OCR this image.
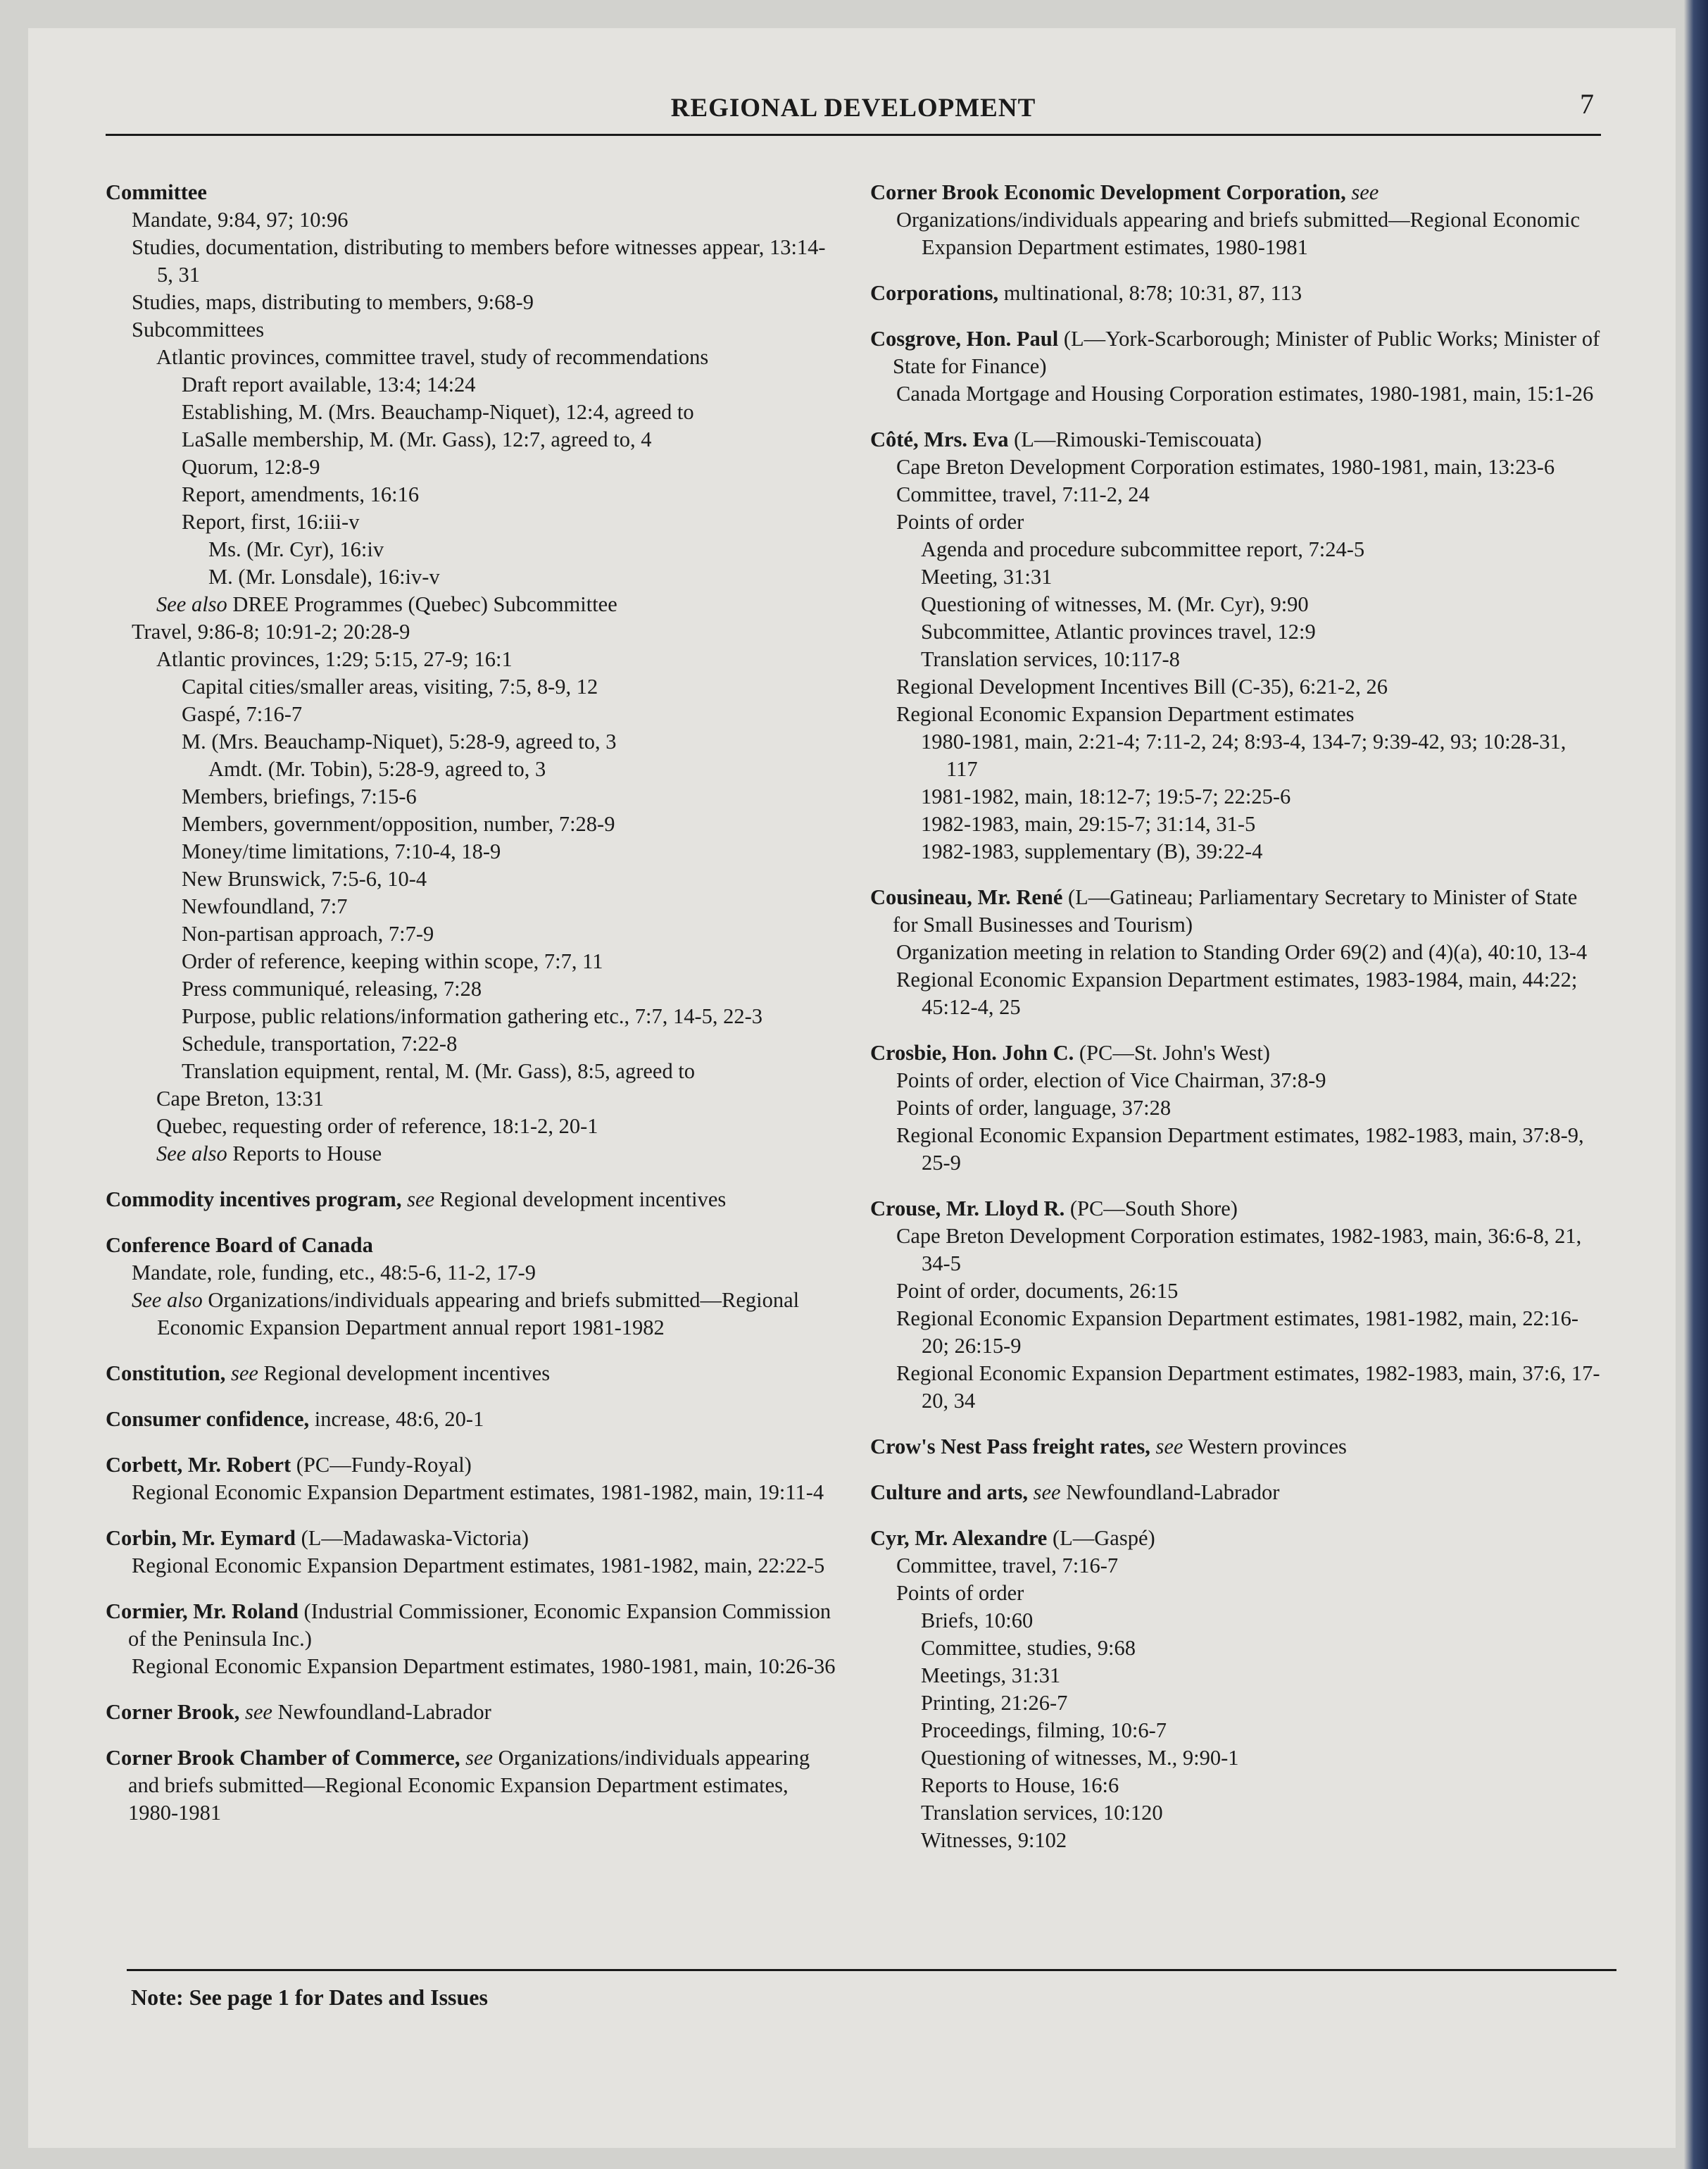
REGIONAL DEVELOPMENT	7
Committee
Mandate, 9:84, 97; 10:96
Studies, documentation, distributing to members before witnesses appear, 13:14-5, 31
Studies, maps, distributing to members, 9:68-9
Subcommittees
Atlantic provinces, committee travel, study of recommendations
Draft report available, 13:4; 14:24
Establishing, M. (Mrs. Beauchamp-Niquet), 12:4, agreed to
LaSalle membership, M. (Mr. Gass), 12:7, agreed to, 4
Quorum, 12:8-9
Report, amendments, 16:16
Report, first, 16:iii-v
Ms. (Mr. Cyr), 16:iv
M. (Mr. Lonsdale), 16:iv-v
See also DREE Programmes (Quebec) Subcommittee
Travel, 9:86-8; 10:91-2; 20:28-9
Atlantic provinces, 1:29; 5:15, 27-9; 16:1
Capital cities/smaller areas, visiting, 7:5, 8-9, 12
Gaspé, 7:16-7
M. (Mrs. Beauchamp-Niquet), 5:28-9, agreed to, 3
Amdt. (Mr. Tobin), 5:28-9, agreed to, 3
Members, briefings, 7:15-6
Members, government/opposition, number, 7:28-9
Money/time limitations, 7:10-4, 18-9
New Brunswick, 7:5-6, 10-4
Newfoundland, 7:7
Non-partisan approach, 7:7-9
Order of reference, keeping within scope, 7:7, 11
Press communiqué, releasing, 7:28
Purpose, public relations/information gathering etc., 7:7, 14-5, 22-3
Schedule, transportation, 7:22-8
Translation equipment, rental, M. (Mr. Gass), 8:5, agreed to
Cape Breton, 13:31
Quebec, requesting order of reference, 18:1-2, 20-1
See also Reports to House
Commodity incentives program, see Regional development incentives
Conference Board of Canada
Mandate, role, funding, etc., 48:5-6, 11-2, 17-9
See also Organizations/individuals appearing and briefs submitted—Regional Economic Expansion Department annual report 1981-1982
Constitution, see Regional development incentives
Consumer confidence, increase, 48:6, 20-1
Corbett, Mr. Robert (PC—Fundy-Royal)
Regional Economic Expansion Department estimates, 1981-1982, main, 19:11-4
Corbin, Mr. Eymard (L—Madawaska-Victoria)
Regional Economic Expansion Department estimates, 1981-1982, main, 22:22-5
Cormier, Mr. Roland (Industrial Commissioner, Economic Expansion Commission of the Peninsula Inc.)
Regional Economic Expansion Department estimates, 1980-1981, main, 10:26-36
Corner Brook, see Newfoundland-Labrador
Corner Brook Chamber of Commerce, see Organizations/individuals appearing and briefs submitted—Regional Economic Expansion Department estimates, 1980-1981
Corner Brook Economic Development Corporation, see
Organizations/individuals appearing and briefs submitted—Regional Economic Expansion Department estimates, 1980-1981
Corporations, multinational, 8:78; 10:31, 87, 113
Cosgrove, Hon. Paul (L—York-Scarborough; Minister of Public Works; Minister of State for Finance)
Canada Mortgage and Housing Corporation estimates, 1980-1981, main, 15:1-26
Côté, Mrs. Eva (L—Rimouski-Temiscouata)
Cape Breton Development Corporation estimates, 1980-1981, main, 13:23-6
Committee, travel, 7:11-2, 24
Points of order
Agenda and procedure subcommittee report, 7:24-5
Meeting, 31:31
Questioning of witnesses, M. (Mr. Cyr), 9:90
Subcommittee, Atlantic provinces travel, 12:9
Translation services, 10:117-8
Regional Development Incentives Bill (C-35), 6:21-2, 26
Regional Economic Expansion Department estimates
1980-1981, main, 2:21-4; 7:11-2, 24; 8:93-4, 134-7; 9:39-42, 93; 10:28-31, 117
1981-1982, main, 18:12-7; 19:5-7; 22:25-6
1982-1983, main, 29:15-7; 31:14, 31-5
1982-1983, supplementary (B), 39:22-4
Cousineau, Mr. René (L—Gatineau; Parliamentary Secretary to Minister of State for Small Businesses and Tourism)
Organization meeting in relation to Standing Order 69(2) and (4)(a), 40:10, 13-4
Regional Economic Expansion Department estimates, 1983-1984, main, 44:22; 45:12-4, 25
Crosbie, Hon. John C. (PC—St. John's West)
Points of order, election of Vice Chairman, 37:8-9
Points of order, language, 37:28
Regional Economic Expansion Department estimates, 1982-1983, main, 37:8-9, 25-9
Crouse, Mr. Lloyd R. (PC—South Shore)
Cape Breton Development Corporation estimates, 1982-1983, main, 36:6-8, 21, 34-5
Point of order, documents, 26:15
Regional Economic Expansion Department estimates, 1981-1982, main, 22:16-20; 26:15-9
Regional Economic Expansion Department estimates, 1982-1983, main, 37:6, 17-20, 34
Crow's Nest Pass freight rates, see Western provinces
Culture and arts, see Newfoundland-Labrador
Cyr, Mr. Alexandre (L—Gaspé)
Committee, travel, 7:16-7
Points of order
Briefs, 10:60
Committee, studies, 9:68
Meetings, 31:31
Printing, 21:26-7
Proceedings, filming, 10:6-7
Questioning of witnesses, M., 9:90-1
Reports to House, 16:6
Translation services, 10:120
Witnesses, 9:102
Note: See page 1 for Dates and Issues
